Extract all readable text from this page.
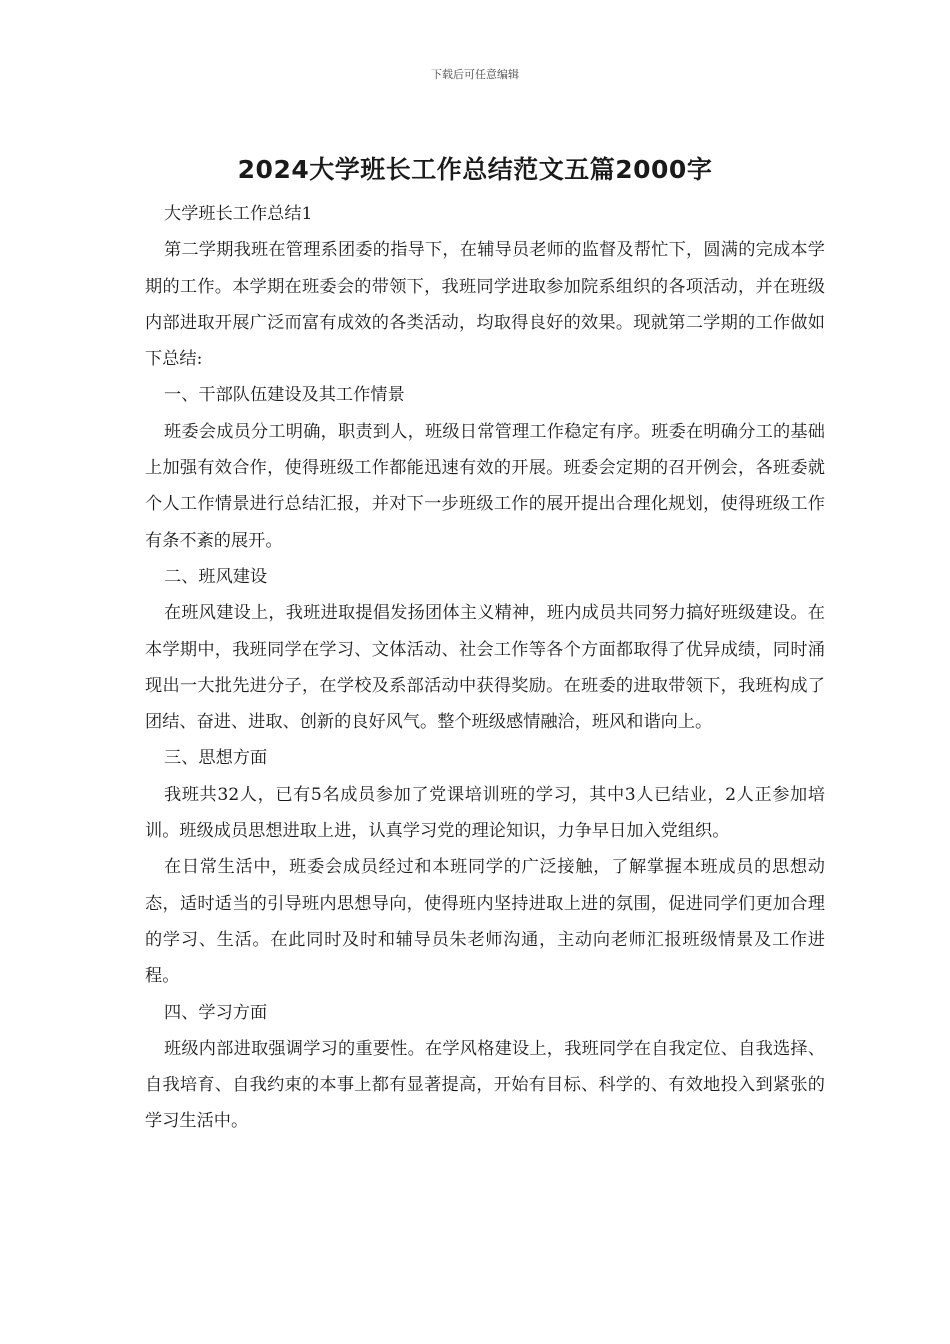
下载后可任意编辑
2024大学班长工作总结范文五篇2000字

大学班长工作总结1

第二学期我班在管理系团委的指导下，在辅导员老师的监督及帮忙下，圆满的完成本学期的工作。本学期在班委会的带领下，我班同学进取参加院系组织的各项活动，并在班级内部进取开展广泛而富有成效的各类活动，均取得良好的效果。现就第二学期的工作做如下总结:

一、干部队伍建设及其工作情景

班委会成员分工明确，职责到人，班级日常管理工作稳定有序。班委在明确分工的基础上加强有效合作，使得班级工作都能迅速有效的开展。班委会定期的召开例会，各班委就个人工作情景进行总结汇报，并对下一步班级工作的展开提出合理化规划，使得班级工作有条不紊的展开。

二、班风建设

在班风建设上，我班进取提倡发扬团体主义精神，班内成员共同努力搞好班级建设。在本学期中，我班同学在学习、文体活动、社会工作等各个方面都取得了优异成绩，同时涌现出一大批先进分子，在学校及系部活动中获得奖励。在班委的进取带领下，我班构成了团结、奋进、进取、创新的良好风气。整个班级感情融洽，班风和谐向上。

三、思想方面

我班共32人，已有5名成员参加了党课培训班的学习，其中3人已结业，2人正参加培训。班级成员思想进取上进，认真学习党的理论知识，力争早日加入党组织。

在日常生活中，班委会成员经过和本班同学的广泛接触，了解掌握本班成员的思想动态，适时适当的引导班内思想导向，使得班内坚持进取上进的氛围，促进同学们更加合理的学习、生活。在此同时及时和辅导员朱老师沟通，主动向老师汇报班级情景及工作进程。

四、学习方面

班级内部进取强调学习的重要性。在学风格建设上，我班同学在自我定位、自我选择、自我培育、自我约束的本事上都有显著提高，开始有目标、科学的、有效地投入到紧张的学习生活中。
